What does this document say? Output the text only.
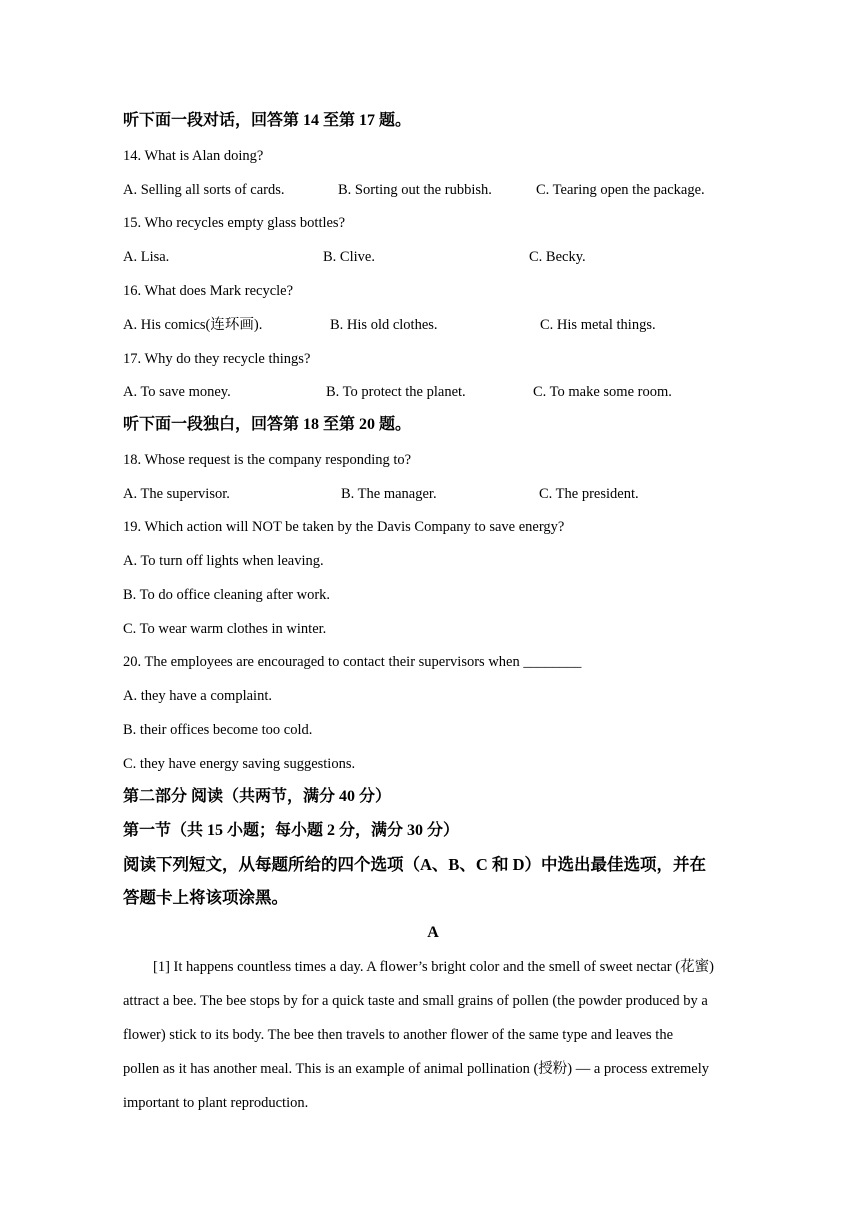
听下面一段对话，回答第 14 至第 17 题。
14. What is Alan doing?
A. Selling all sorts of cards.	B. Sorting out the rubbish.	C. Tearing open the package.
15. Who recycles empty glass bottles?
A. Lisa.	B. Clive.	C. Becky.
16. What does Mark recycle?
A. His comics(连环画).	B. His old clothes.	C. His metal things.
17. Why do they recycle things?
A. To save money.	B. To protect the planet.	C. To make some room.
听下面一段独白，回答第 18 至第 20 题。
18. Whose request is the company responding to?
A. The supervisor.	B. The manager.	C. The president.
19. Which action will NOT be taken by the Davis Company to save energy?
A. To turn off lights when leaving.
B. To do office cleaning after work.
C. To wear warm clothes in winter.
20. The employees are encouraged to contact their supervisors when ________
A. they have a complaint.
B. their offices become too cold.
C. they have energy saving suggestions.
第二部分 阅读（共两节，满分 40 分）
第一节（共 15 小题；每小题 2 分，满分 30 分）
阅读下列短文，从每题所给的四个选项（A、B、C 和 D）中选出最佳选项，并在
答题卡上将该项涂黑。
A
[1] It happens countless times a day. A flower’s bright color and the smell of sweet nectar (花蜜)
attract a bee. The bee stops by for a quick taste and small grains of pollen (the powder produced by a
flower) stick to its body. The bee then travels to another flower of the same type and leaves the
pollen as it has another meal. This is an example of animal pollination (授粉) — a process extremely
important to plant reproduction.
